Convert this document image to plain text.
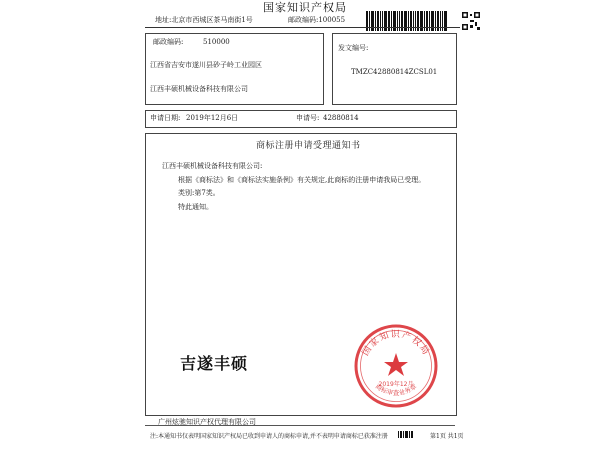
国家知识产权局
地址:北京市西城区茶马南街1号	邮政编码:100055
邮政编码:	510000
江西省吉安市遂川县砂子岭工业园区
江西丰硕机械设备科技有限公司
发文编号:
TMZC42880814ZCSL01
申请日期: 2019年12月6日	申请号: 42880814
商标注册申请受理通知书
江西丰硕机械设备科技有限公司:
根据《商标法》和《商标法实施条例》有关规定,此商标的注册申请我局已受理。
类别:第7类。
特此通知。
吉遂丰硕
国家知识产权局
2019年12月
商标审查业务章
广州炫驰知识产权代理有限公司
注:本通知书仅表明国家知识产权局已收到申请人的商标申请,并不表明申请商标已获准注册	第1页 共1页
